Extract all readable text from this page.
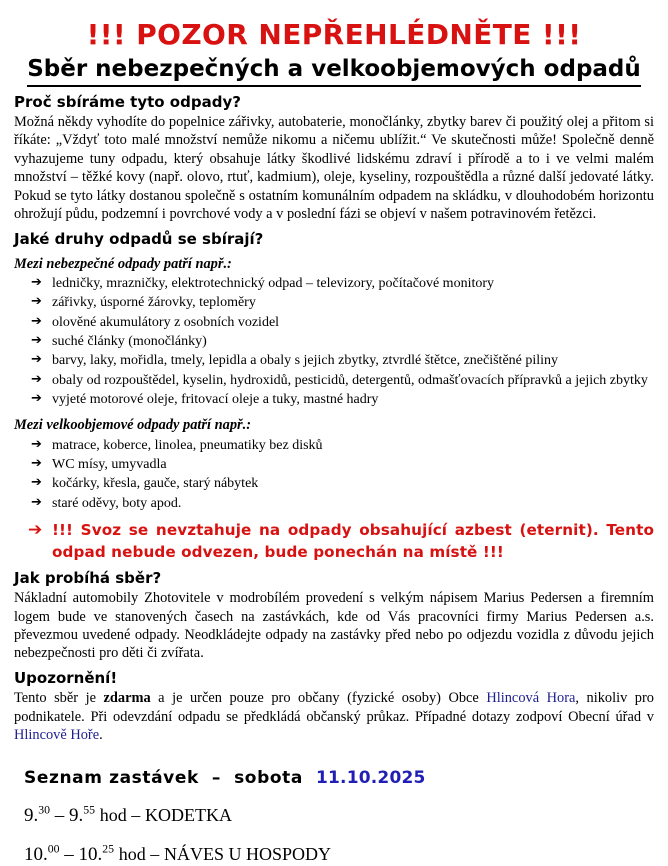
!!! POZOR NEPŘEHLÉDNĚTE !!!
Sběr nebezpečných a velkoobjemových odpadů
Proč sbíráme tyto odpady?

Možná někdy vyhodíte do popelnice zářivky, autobaterie, monočlánky, zbytky barev či použitý olej a přitom si říkáte: „Vždyť toto malé množství nemůže nikomu a ničemu ublížit.“ Ve skutečnosti může! Společně denně vyhazujeme tuny odpadu, který obsahuje látky škodlivé lidskému zdraví i přírodě a to i ve velmi malém množství – těžké kovy (např. olovo, rtuť, kadmium), oleje, kyseliny, rozpouštědla a různé další jedovaté látky. Pokud se tyto látky dostanou společně s ostatním komunálním odpadem na skládku, v dlouhodobém horizontu ohrožují půdu, podzemní i povrchové vody a v poslední fázi se objeví v našem potravinovém řetězci.

Jaké druhy odpadů se sbírají?
Mezi nebezpečné odpady patří např.:
➔ ledničky, mrazničky, elektrotechnický odpad – televizory, počítačové monitory
➔ zářivky, úsporné žárovky, teploměry
➔ olověné akumulátory z osobních vozidel
➔ suché články (monočlánky)
➔ barvy, laky, mořidla, tmely, lepidla a obaly s jejich zbytky, ztvrdlé štětce, znečištěné piliny
➔ obaly od rozpouštědel, kyselin, hydroxidů, pesticidů, detergentů, odmašťovacích přípravků a jejich zbytky
➔ vyjeté motorové oleje, fritovací oleje a tuky, mastné hadry
Mezi velkoobjemové odpady patří např.:
➔ matrace, koberce, linolea, pneumatiky bez disků
➔ WC mísy, umyvadla
➔ kočárky, křesla, gauče, starý nábytek
➔ staré oděvy, boty apod.
➔ !!! Svoz se nevztahuje na odpady obsahující azbest (eternit). Tento odpad nebude odvezen, bude ponechán na místě !!!
Jak probíhá sběr?

Nákladní automobily Zhotovitele v modrobílém provedení s velkým nápisem Marius Pedersen a firemním logem bude ve stanovených časech na zastávkách, kde od Vás pracovníci firmy Marius Pedersen a.s. převezmou uvedené odpady. Neodkládejte odpady na zastávky před nebo po odjezdu vozidla z důvodu jejich nebezpečnosti pro děti či zvířata.

Upozornění!

Tento sběr je zdarma a je určen pouze pro občany (fyzické osoby) Obce Hlincová Hora, nikoliv pro podnikatele. Při odevzdání odpadu se předkládá občanský průkaz. Případné dotazy zodpoví Obecní úřad v Hlincově Hoře.

Seznam zastávek – sobota 11.10.2025
9.30 – 9.55 hod – KODETKA
10.00 – 10.25 hod – NÁVES U HOSPODY
